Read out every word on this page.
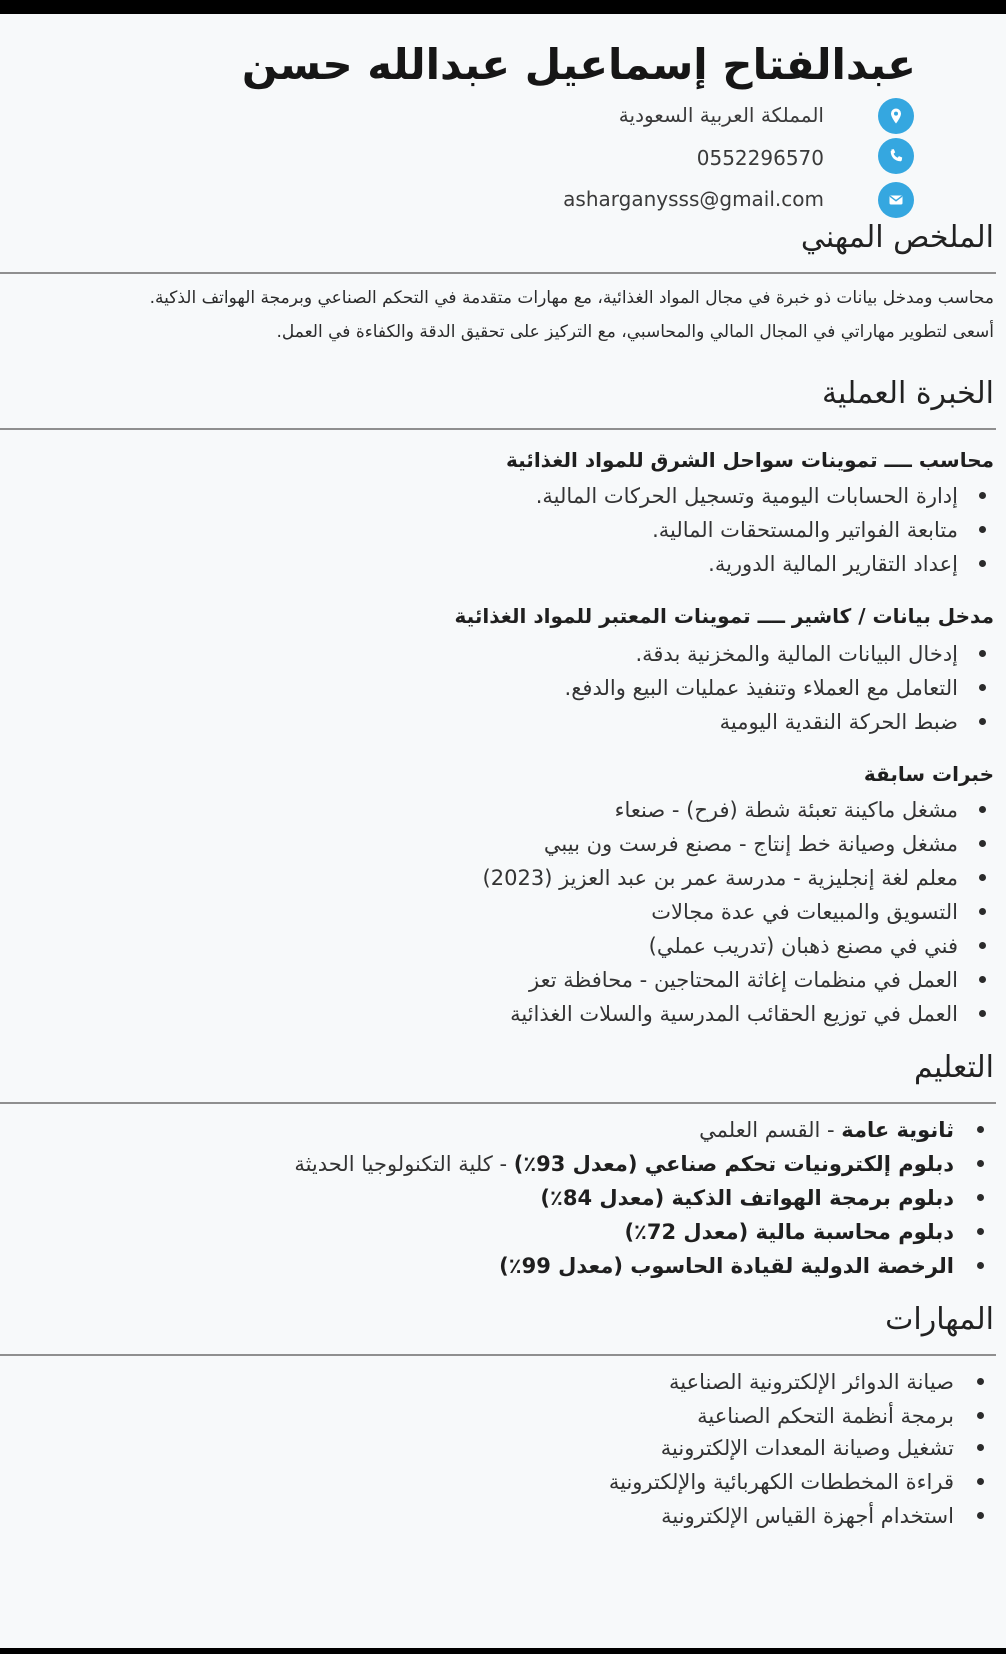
عبدالفتاح إسماعيل عبدالله حسن
المملكة العربية السعودية
0552296570
asharganysss@gmail.com
الملخص المهني
محاسب ومدخل بيانات ذو خبرة في مجال المواد الغذائية، مع مهارات متقدمة في التحكم الصناعي وبرمجة الهواتف الذكية.
أسعى لتطوير مهاراتي في المجال المالي والمحاسبي، مع التركيز على تحقيق الدقة والكفاءة في العمل.
الخبرة العملية
محاسب ــــ تموينات سواحل الشرق للمواد الغذائية
إدارة الحسابات اليومية وتسجيل الحركات المالية.
متابعة الفواتير والمستحقات المالية.
إعداد التقارير المالية الدورية.
مدخل بيانات / كاشير ــــ تموينات المعتبر للمواد الغذائية
إدخال البيانات المالية والمخزنية بدقة.
التعامل مع العملاء وتنفيذ عمليات البيع والدفع.
ضبط الحركة النقدية اليومية
خبرات سابقة
مشغل ماكينة تعبئة شطة (فرح) - صنعاء
مشغل وصيانة خط إنتاج - مصنع فرست ون بيبي
معلم لغة إنجليزية - مدرسة عمر بن عبد العزيز (2023)
التسويق والمبيعات في عدة مجالات
فني في مصنع ذهبان (تدريب عملي)
العمل في منظمات إغاثة المحتاجين - محافظة تعز
العمل في توزيع الحقائب المدرسية والسلات الغذائية
التعليم
ثانوية عامة - القسم العلمي
دبلوم إلكترونيات تحكم صناعي (معدل 93٪) - كلية التكنولوجيا الحديثة
دبلوم برمجة الهواتف الذكية (معدل 84٪)
دبلوم محاسبة مالية (معدل 72٪)
الرخصة الدولية لقيادة الحاسوب (معدل 99٪)
المهارات
صيانة الدوائر الإلكترونية الصناعية
برمجة أنظمة التحكم الصناعية
تشغيل وصيانة المعدات الإلكترونية
قراءة المخططات الكهربائية والإلكترونية
استخدام أجهزة القياس الإلكترونية
